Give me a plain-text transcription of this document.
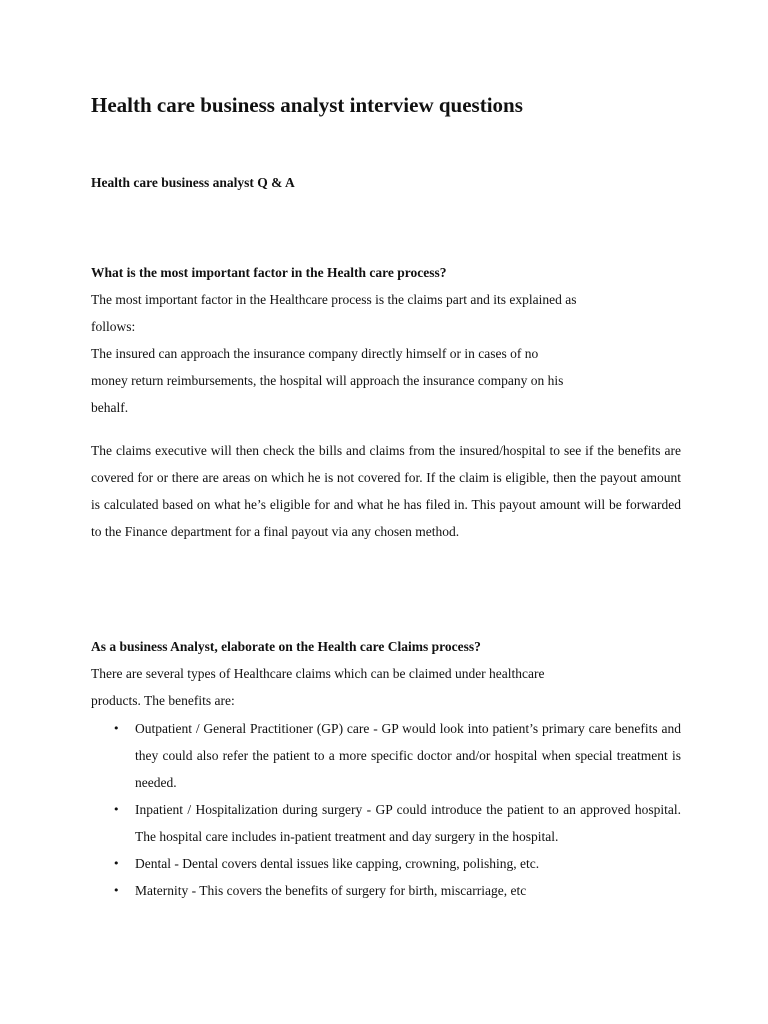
Health care business analyst interview questions
Health care business analyst Q & A

What is the most important factor in the Health care process?

The most important factor in the Healthcare process is the claims part and its explained as

follows:

The insured can approach the insurance company directly himself or in cases of no

money return reimbursements, the hospital will approach the insurance company on his

behalf.

The claims executive will then check the bills and claims from the insured/hospital to see if the benefits are covered for or there are areas on which he is not covered for. If the claim is eligible, then the payout amount is calculated based on what he’s eligible for and what he has filed in. This payout amount will be forwarded to the Finance department for a final payout via any chosen method.

As a business Analyst, elaborate on the Health care Claims process?

There are several types of Healthcare claims which can be claimed under healthcare

products. The benefits are:

• Outpatient / General Practitioner (GP) care - GP would look into patient’s primary care benefits and they could also refer the patient to a more specific doctor and/or hospital when special treatment is needed.
• Inpatient / Hospitalization during surgery - GP could introduce the patient to an approved hospital. The hospital care includes in-patient treatment and day surgery in the hospital.
• Dental - Dental covers dental issues like capping, crowning, polishing, etc.
• Maternity - This covers the benefits of surgery for birth, miscarriage, etc
